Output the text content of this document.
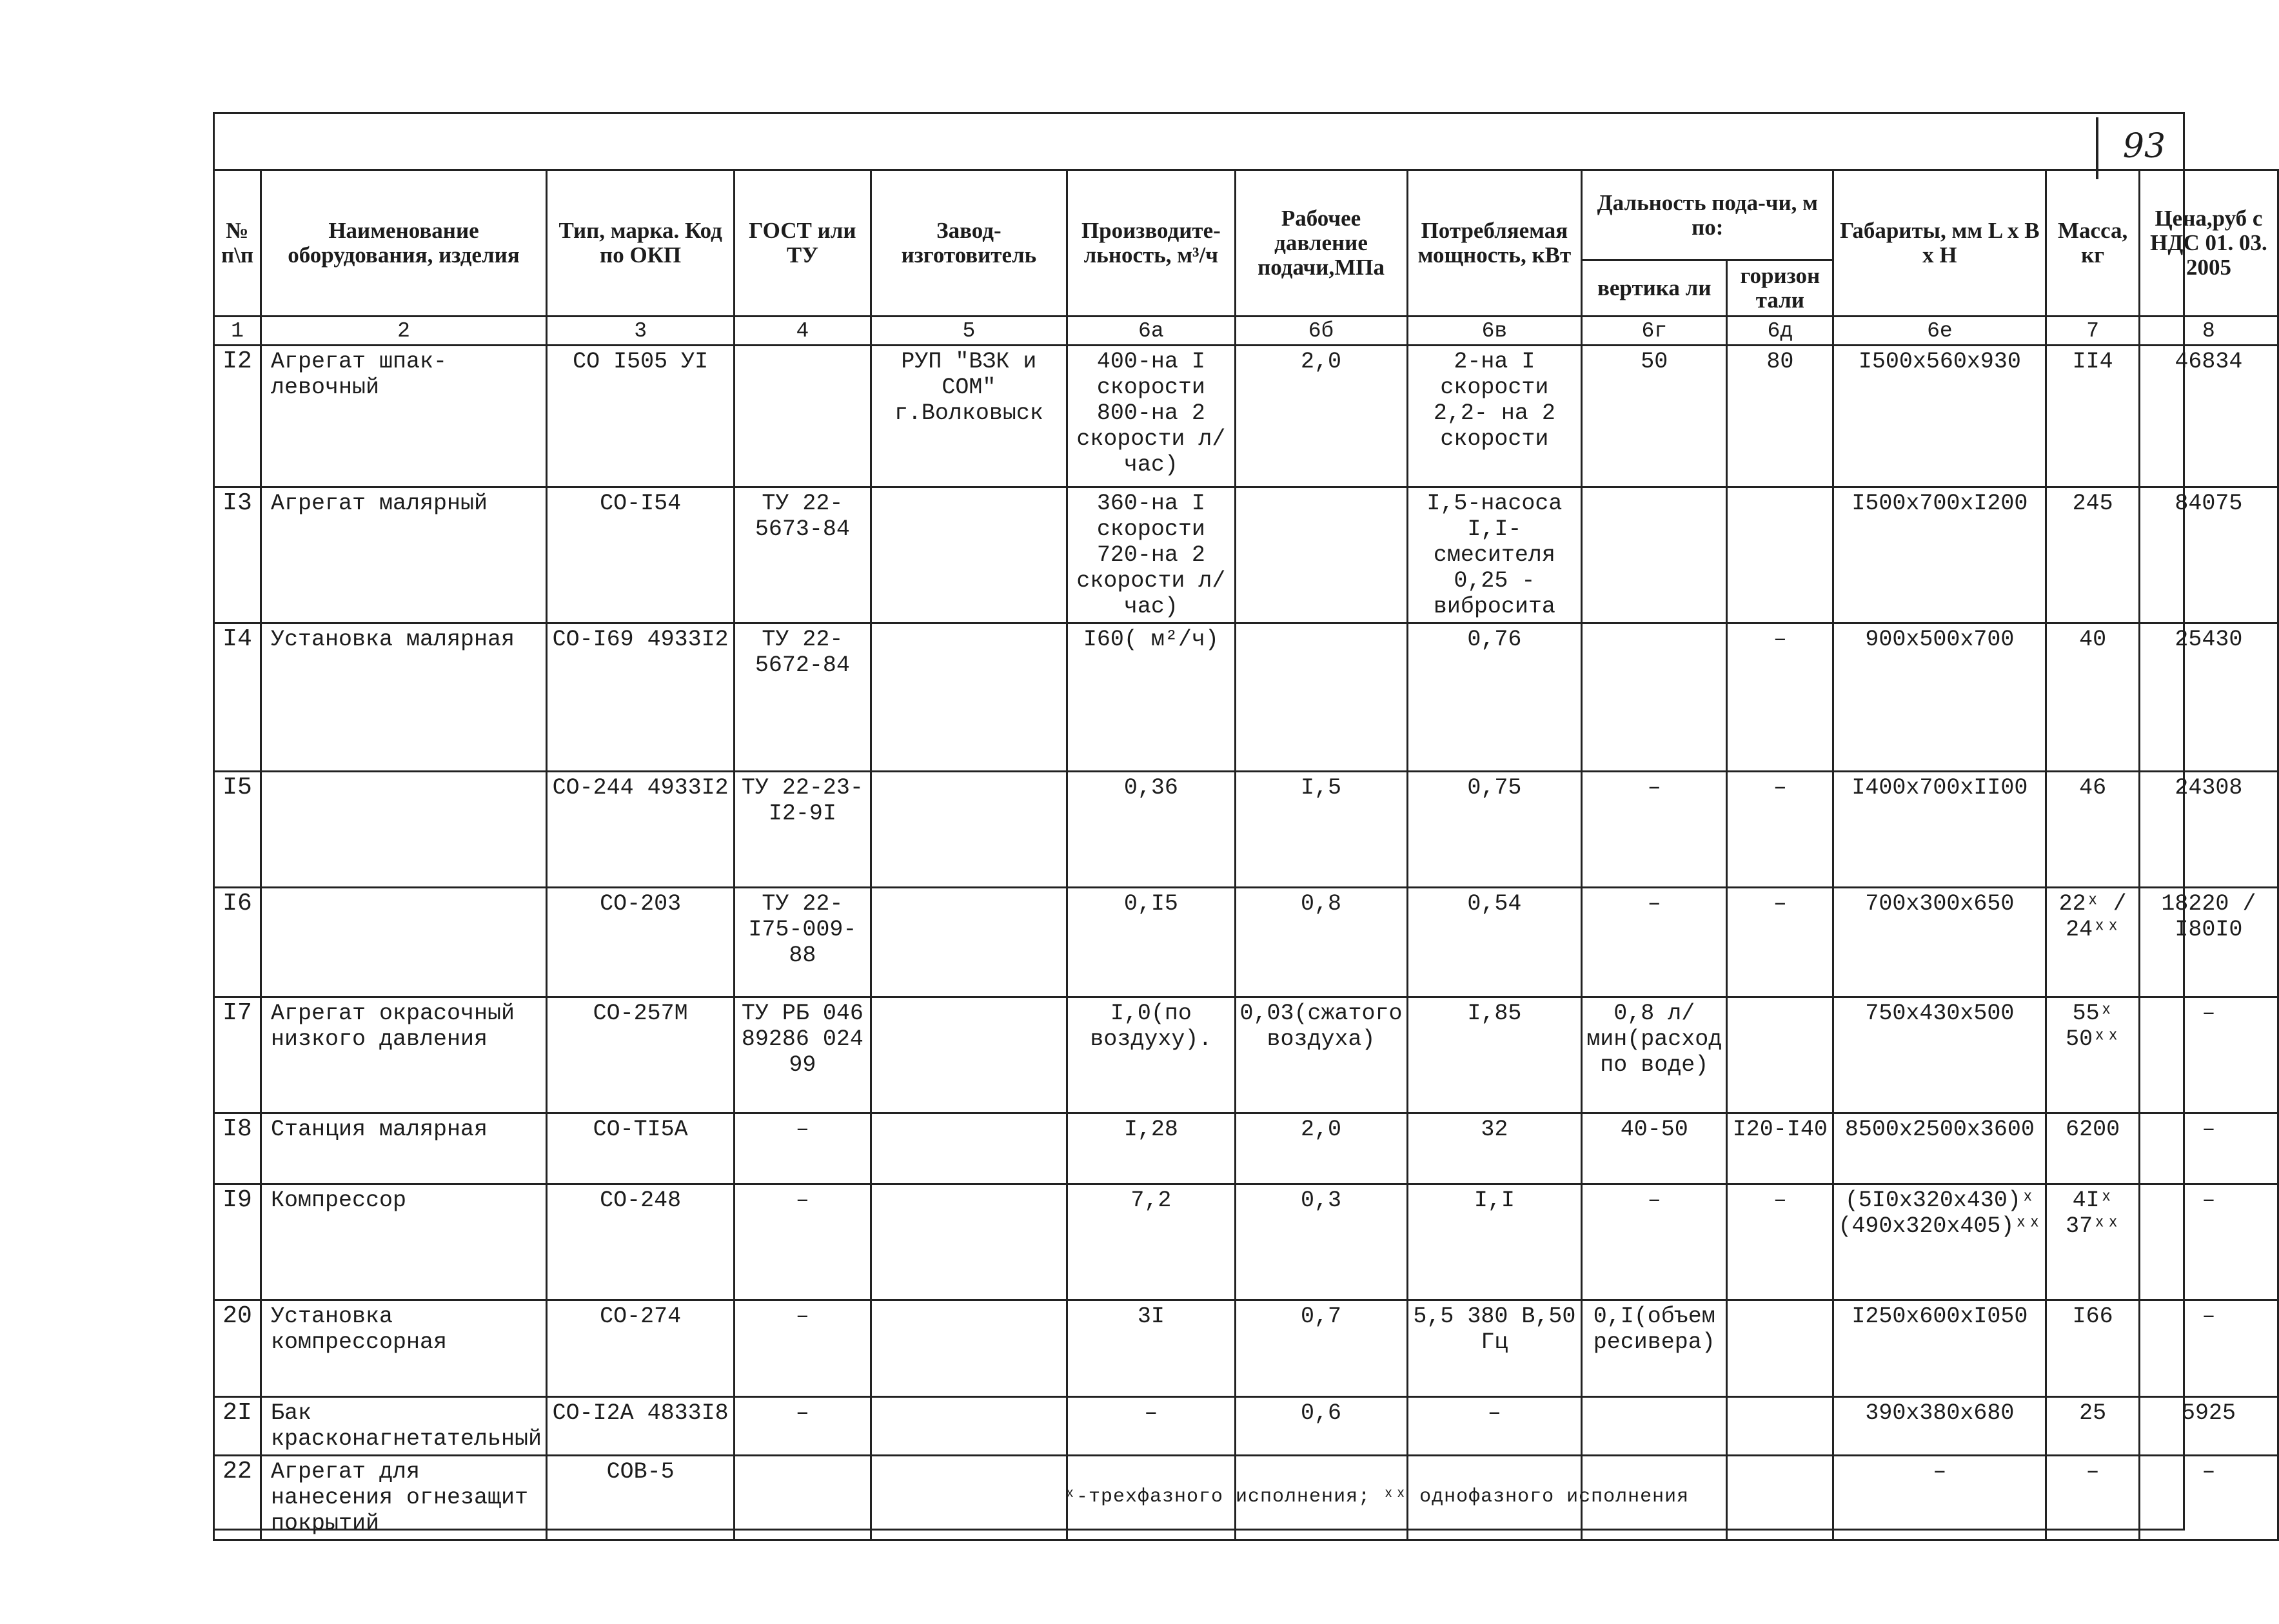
93
№ п\п	Наименование оборудования, изделия	Тип, марка. Код по ОКП	ГОСТ или ТУ	Завод-изготовитель	Производите-льность, м³/ч	Рабочее давление подачи,МПа	Потребляемая мощность, кВт	Дальность пода-чи, м по:		Габариты, мм L x B x H	Масса, кг	Цена,руб с НДС 01. 03. 2005
								вертика ли	горизон тали			
1	2	3	4	5	6а	6б	6в	6г	6д	6е	7	8
I2	Агрегат шпак-левочный	СО I505 УI		РУП "ВЗК и СОМ" г.Волковыск	400-на I скорости 800-на 2 скорости л/час)	2,0	2-на I скорости 2,2- на 2 скорости	50	80	I500x560x930	II4	46834
I3	Агрегат малярный	СО-I54	ТУ 22-5673-84		360-на I скорости 720-на 2 скорости л/час)		I,5-насоса I,I-смесителя 0,25 - вибросита			I500x700xI200	245	84075
I4	Установка малярная	СО-I69 4933I2	ТУ 22-5672-84		I60( м²/ч)		0,76		–	900x500x700	40	25430
I5		СО-244 4933I2	ТУ 22-23-I2-9I		0,36	I,5	0,75	–	–	I400x700xII00	46	24308
I6		СО-203	ТУ 22-I75-009-88		0,I5	0,8	0,54	–	–	700x300x650	22ˣ / 24ˣˣ	18220 / I80I0
I7	Агрегат окрасочный низкого давления	СО-257М	ТУ РБ 046 89286 024 99		I,0(по воздуху).	0,03(сжатого воздуха)	I,85	0,8 л/мин(расход по воде)		750x430x500	55ˣ 50ˣˣ	–
I8	Станция малярная	СО-ТI5А	–		I,28	2,0	32	40-50	I20-I40	8500x2500x3600	6200	–
I9	Компрессор	СО-248	–		7,2	0,3	I,I	–	–	(5I0x320x430)ˣ (490x320x405)ˣˣ	4Iˣ 37ˣˣ	–
20	Установка компрессорная	СО-274	–		3I	0,7	5,5 380 В,50 Гц	0,I(объем ресивера)		I250x600xI050	I66	–
2I	Бак красконагнетательный	СО-I2А 4833I8	–		–	0,6	–			390x380x680	25	5925
22	Агрегат для нанесения огнезащит покрытий	СОВ-5								–	–	–
ˣ-трехфазного исполнения; ˣˣ однофазного исполнения
